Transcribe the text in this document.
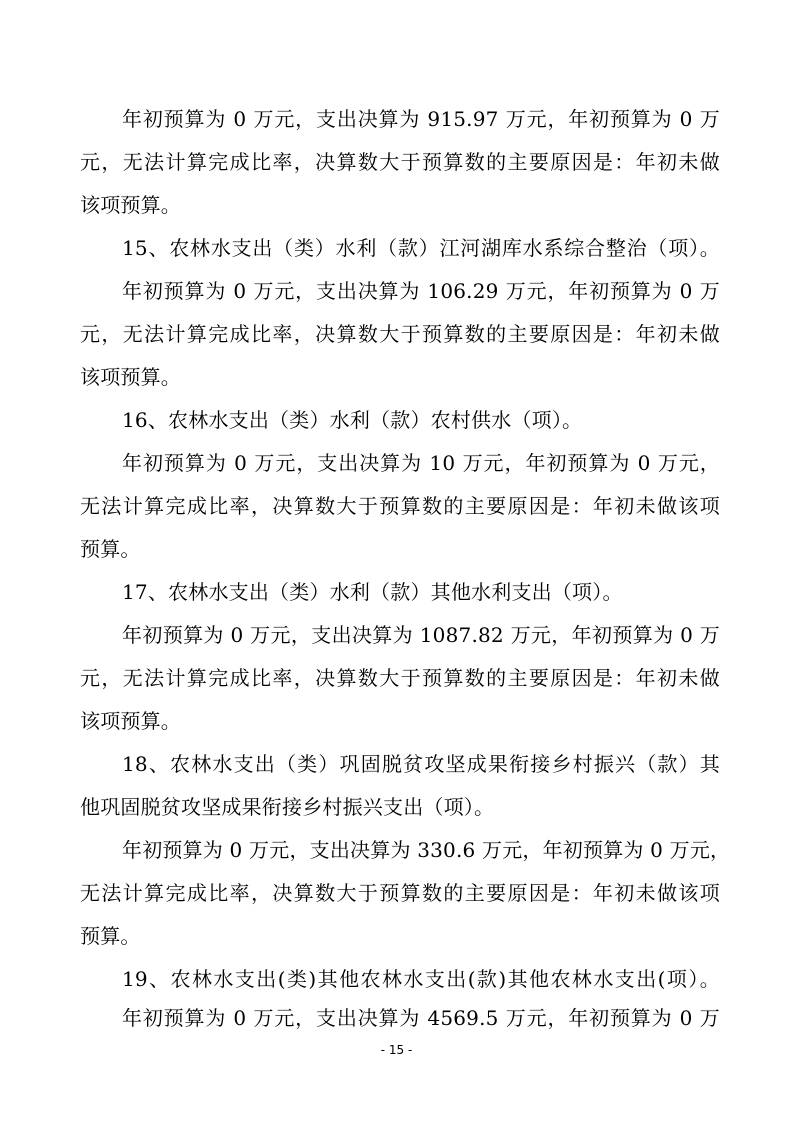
年初预算为 0 万元，支出决算为 915.97 万元，年初预算为 0 万
元，无法计算完成比率，决算数大于预算数的主要原因是：年初未做
该项预算。
15、农林水支出（类）水利（款）江河湖库水系综合整治（项）。
年初预算为 0 万元，支出决算为 106.29 万元，年初预算为 0 万
元，无法计算完成比率，决算数大于预算数的主要原因是：年初未做
该项预算。
16、农林水支出（类）水利（款）农村供水（项）。
年初预算为 0 万元，支出决算为 10 万元，年初预算为 0 万元，
无法计算完成比率，决算数大于预算数的主要原因是：年初未做该项
预算。
17、农林水支出（类）水利（款）其他水利支出（项）。
年初预算为 0 万元，支出决算为 1087.82 万元，年初预算为 0 万
元，无法计算完成比率，决算数大于预算数的主要原因是：年初未做
该项预算。
18、农林水支出（类）巩固脱贫攻坚成果衔接乡村振兴（款）其
他巩固脱贫攻坚成果衔接乡村振兴支出（项）。
年初预算为 0 万元，支出决算为 330.6 万元，年初预算为 0 万元，
无法计算完成比率，决算数大于预算数的主要原因是：年初未做该项
预算。
19、农林水支出(类)其他农林水支出(款)其他农林水支出(项）。
年初预算为 0 万元，支出决算为 4569.5 万元，年初预算为 0 万
- 15 -
